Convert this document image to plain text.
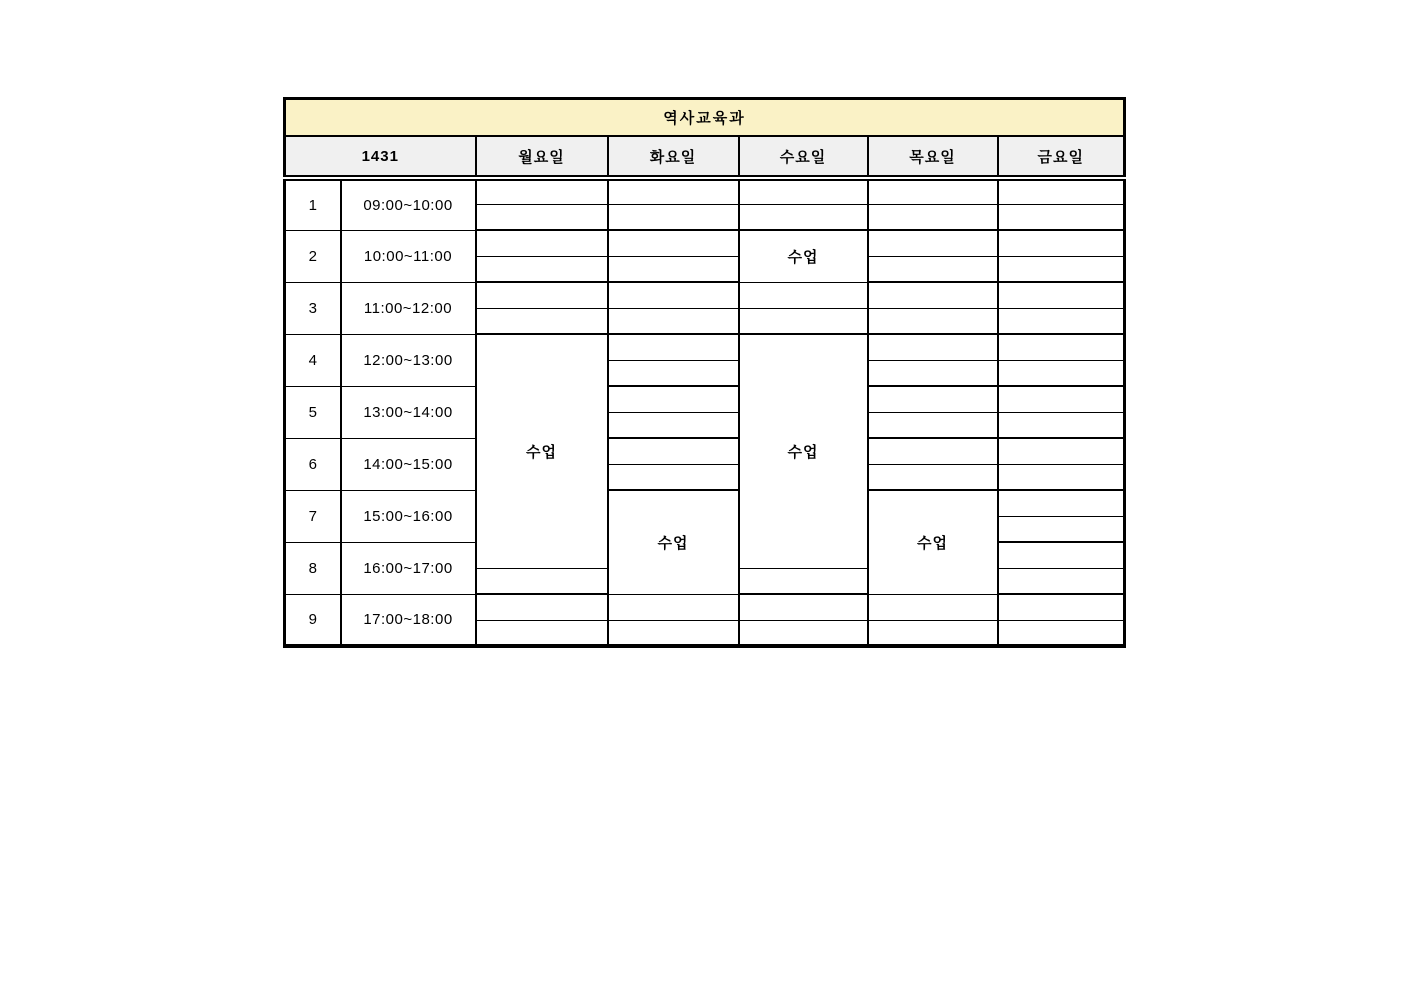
역사교육과						
1431		월요일	화요일	수요일	목요일	금요일
1	09:00~10:00					

2	10:00~11:00			수업		

3	11:00~12:00					

4	12:00~13:00	수업		수업		

5	13:00~14:00					

6	14:00~15:00					

7	15:00~16:00		수업		수업	

8	16:00~17:00					

9	17:00~18:00					
